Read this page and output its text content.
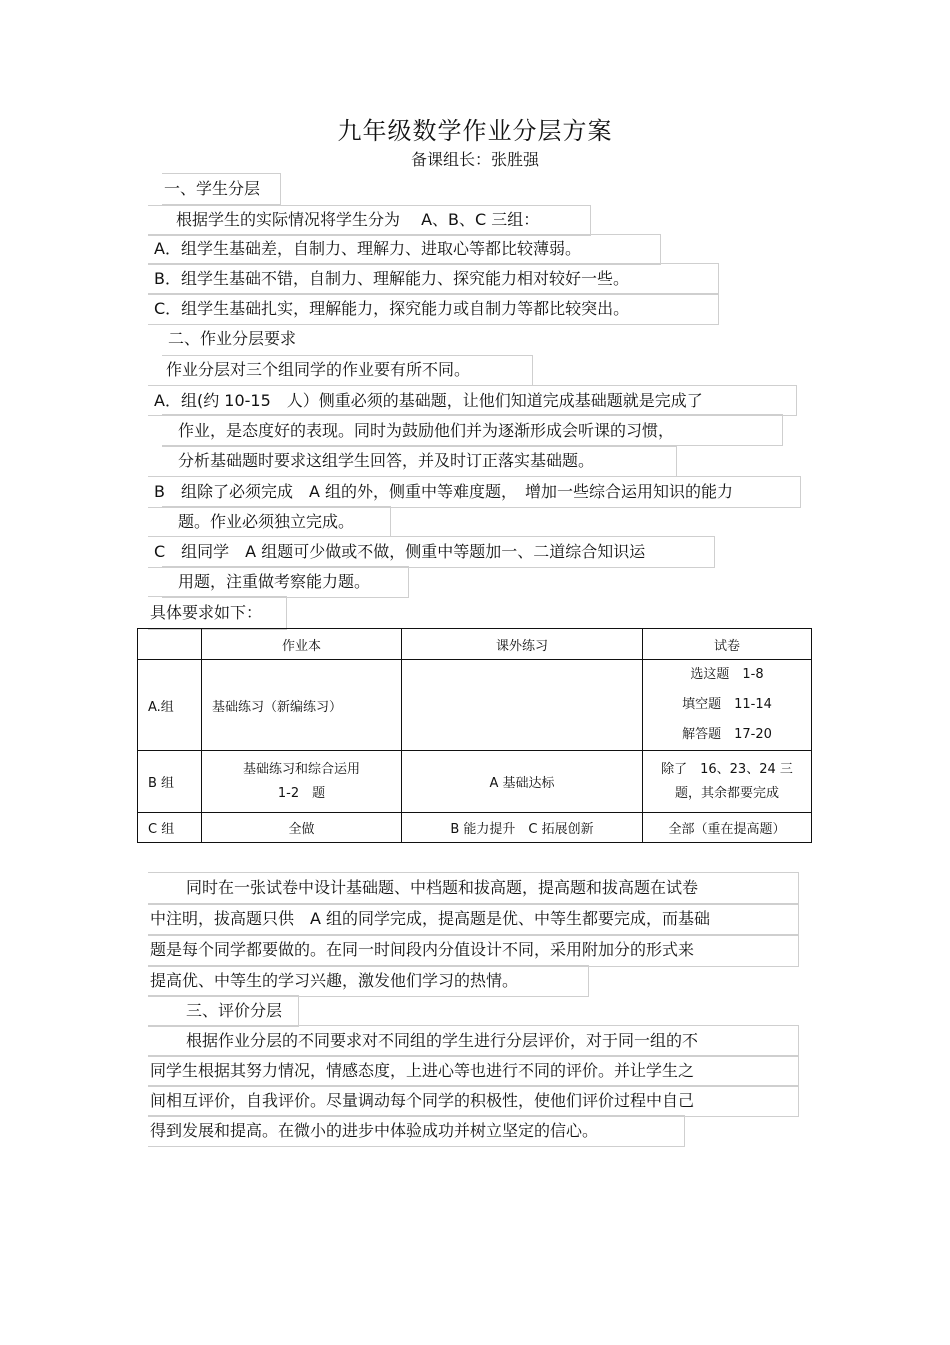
九年级数学作业分层方案
备课组长：张胜强
一、学生分层
根据学生的实际情况将学生分为　 A、B、C 三组：
A．组学生基础差，自制力、理解力、进取心等都比较薄弱。
B．组学生基础不错，自制力、理解能力、探究能力相对较好一些。
C．组学生基础扎实，理解能力，探究能力或自制力等都比较突出。
二、作业分层要求
作业分层对三个组同学的作业要有所不同。
A．组(约 10-15　人）侧重必须的基础题，让他们知道完成基础题就是完成了
作业，是态度好的表现。同时为鼓励他们并为逐渐形成会听课的习惯，
分析基础题时要求这组学生回答，并及时订正落实基础题。
B　组除了必须完成　A 组的外，侧重中等难度题，　增加一些综合运用知识的能力
题。作业必须独立完成。
C　组同学　A 组题可少做或不做，侧重中等题加一、二道综合知识运
用题，注重做考察能力题。
具体要求如下：
	作业本	课外练习	试卷
A.组	基础练习（新编练习）		选这题　1-8
填空题　11-14
解答题　17-20

B 组	基础练习和综合运用
1-2　题	A 基础达标	除了　16、23、24 三
题，其余都要完成

C 组	全做	B 能力提升　C 拓展创新	全部（重在提高题）
同时在一张试卷中设计基础题、中档题和拔高题，提高题和拔高题在试卷
中注明，拔高题只供　A 组的同学完成，提高题是优、中等生都要完成，而基础
题是每个同学都要做的。在同一时间段内分值设计不同，采用附加分的形式来
提高优、中等生的学习兴趣，激发他们学习的热情。
三、评价分层
根据作业分层的不同要求对不同组的学生进行分层评价，对于同一组的不
同学生根据其努力情况，情感态度，上进心等也进行不同的评价。并让学生之
间相互评价，自我评价。尽量调动每个同学的积极性，使他们评价过程中自己
得到发展和提高。在微小的进步中体验成功并树立坚定的信心。
